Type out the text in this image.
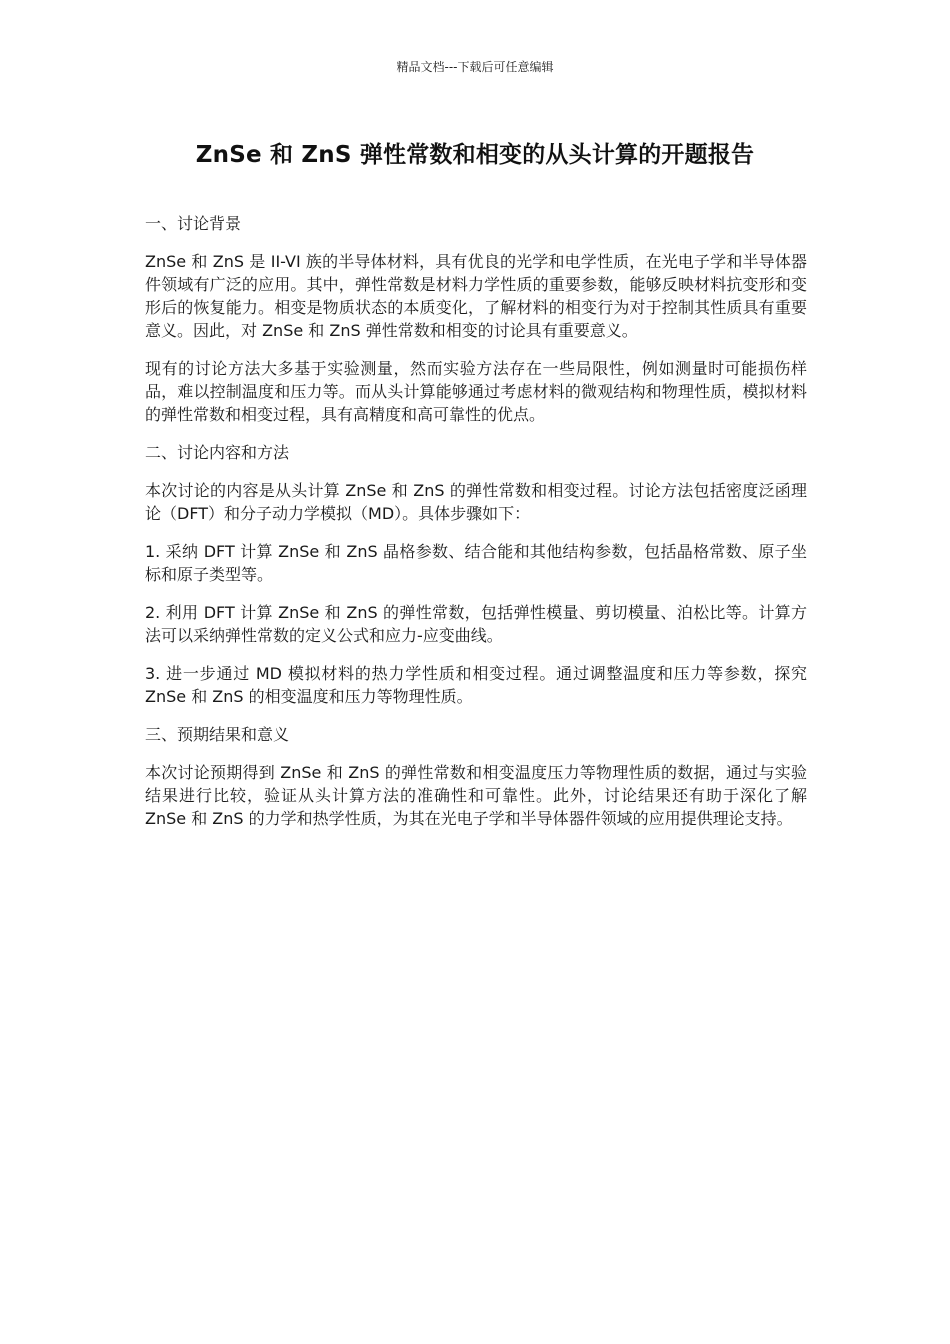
精品文档---下载后可任意编辑
ZnSe 和 ZnS 弹性常数和相变的从头计算的开题报告

一、讨论背景

ZnSe 和 ZnS 是 II-VI 族的半导体材料，具有优良的光学和电学性质，在光电子学和半导体器件领域有广泛的应用。其中，弹性常数是材料力学性质的重要参数，能够反映材料抗变形和变形后的恢复能力。相变是物质状态的本质变化，了解材料的相变行为对于控制其性质具有重要意义。因此，对 ZnSe 和 ZnS 弹性常数和相变的讨论具有重要意义。

现有的讨论方法大多基于实验测量，然而实验方法存在一些局限性，例如测量时可能损伤样品，难以控制温度和压力等。而从头计算能够通过考虑材料的微观结构和物理性质，模拟材料的弹性常数和相变过程，具有高精度和高可靠性的优点。

二、讨论内容和方法

本次讨论的内容是从头计算 ZnSe 和 ZnS 的弹性常数和相变过程。讨论方法包括密度泛函理论（DFT）和分子动力学模拟（MD）。具体步骤如下：

1. 采纳 DFT 计算 ZnSe 和 ZnS 晶格参数、结合能和其他结构参数，包括晶格常数、原子坐标和原子类型等。

2. 利用 DFT 计算 ZnSe 和 ZnS 的弹性常数，包括弹性模量、剪切模量、泊松比等。计算方法可以采纳弹性常数的定义公式和应力-应变曲线。

3. 进一步通过 MD 模拟材料的热力学性质和相变过程。通过调整温度和压力等参数，探究 ZnSe 和 ZnS 的相变温度和压力等物理性质。

三、预期结果和意义

本次讨论预期得到 ZnSe 和 ZnS 的弹性常数和相变温度压力等物理性质的数据，通过与实验结果进行比较，验证从头计算方法的准确性和可靠性。此外，讨论结果还有助于深化了解 ZnSe 和 ZnS 的力学和热学性质，为其在光电子学和半导体器件领域的应用提供理论支持。
